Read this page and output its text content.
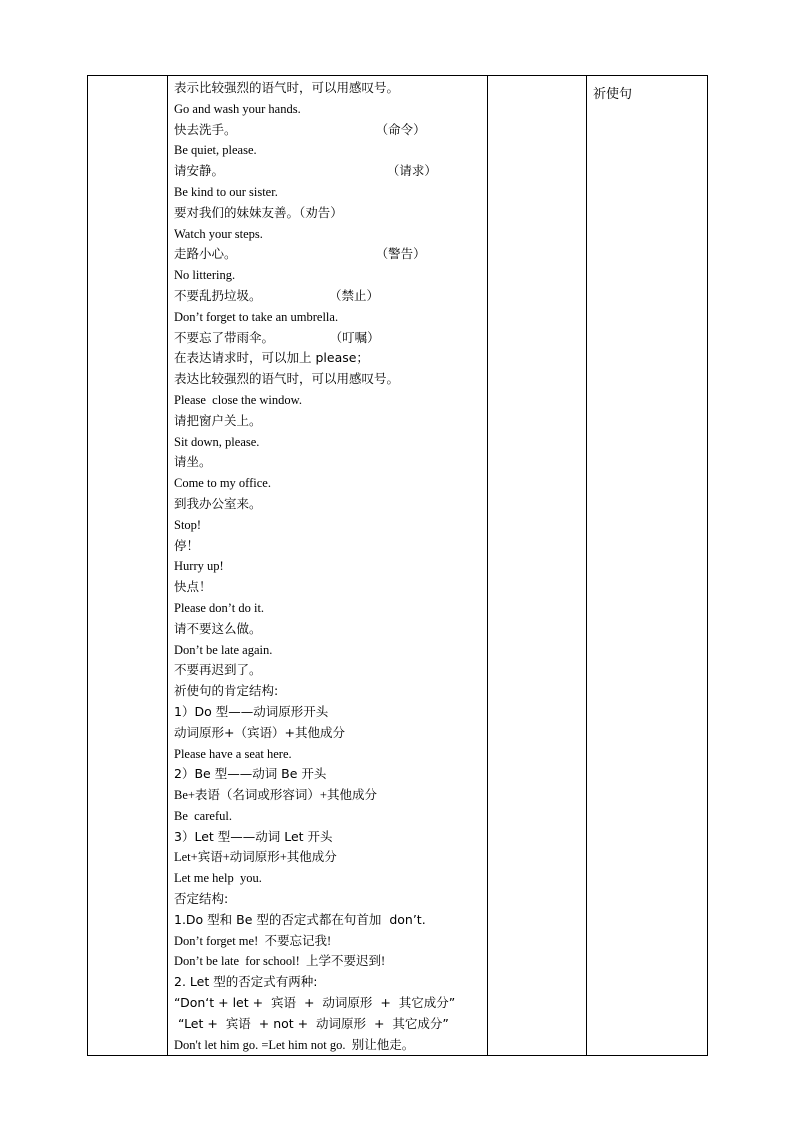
表示比较强烈的语气时，可以用感叹号。
Go and wash your hands.
快去洗手。                                   （命令）
Be quiet, please.
请安静。                                         （请求）
Be kind to our sister.
要对我们的妹妹友善。（劝告）
Watch your steps.
走路小心。                                   （警告）
No littering.
不要乱扔垃圾。                 （禁止）
Don’t forget to take an umbrella.
不要忘了带雨伞。              （叮嘱）
在表达请求时，可以加上 please；
表达比较强烈的语气时，可以用感叹号。
Please  close the window.
请把窗户关上。
Sit down, please.
请坐。
Come to my office.
到我办公室来。
Stop!
停！
Hurry up!
快点！
Please don’t do it.
请不要这么做。
Don’t be late again.
不要再迟到了。
祈使句的肯定结构:
1）Do 型——动词原形开头
动词原形+（宾语）+其他成分
Please have a seat here.
2）Be 型——动词 Be 开头
Be+表语（名词或形容词）+其他成分
Be  careful.
3）Let 型——动词 Let 开头
Let+宾语+动词原形+其他成分
Let me help  you.
否定结构:
1.Do 型和 Be 型的否定式都在句首加  don’t.
Don’t forget me!  不要忘记我!
Don’t be late  for school!  上学不要迟到!
2. Let 型的否定式有两种:
“Don‘t + let +  宾语  +  动词原形  +  其它成分”
“Let +  宾语  + not +  动词原形  +  其它成分”
Don't let him go. =Let him not go.  别让他走。

祈使句
